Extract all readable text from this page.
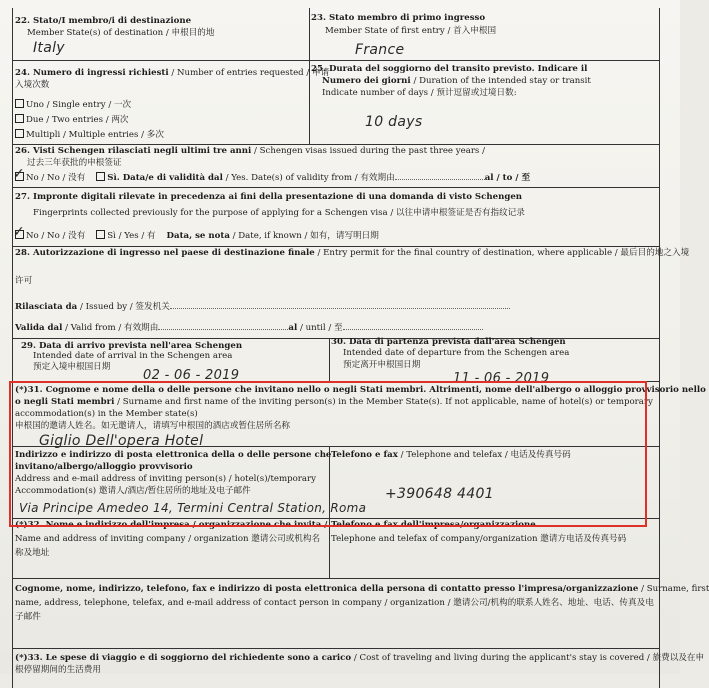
22. Stato/I membro/i di destinazione
Member State(s) of destination / 申根目的地
Italy
23. Stato membro di primo ingresso
Member State of first entry / 首入申根国
France
24. Numero di ingressi richiesti / Number of entries requested / 申请
入境次数
Uno / Single entry / 一次
Due / Two entries / 两次
Multipli / Multiple entries / 多次
25. Durata del soggiorno del transito previsto. Indicare il
Numero dei giorni / Duration of the intended stay or transit
Indicate number of days / 预计逗留或过境日数:
10 days
26. Visti Schengen rilasciati negli ultimi tre anni / Schengen visas issued during the past three years /
过去三年获批的申根签证
No / No / 没有	Sì. Data/e di validità dal / Yes. Date(s) of validity from / 有效期由	al / to / 至
✓
27. Impronte digitali rilevate in precedenza ai fini della presentazione di una domanda di visto Schengen
Fingerprints collected previously for the purpose of applying for a Schengen visa / 以往申请申根签证是否有指纹记录
No / No / 没有	Sì / Yes / 有 Data, se nota / Date, if known / 如有，请写明日期
✓
28. Autorizzazione di ingresso nel paese di destinazione finale / Entry permit for the final country of destination, where applicable / 最后目的地之入境
许可
Rilasciata da / Issued by / 签发机关
Valida dal / Valid from / 有效期由	al / until / 至
29. Data di arrivo prevista nell'area Schengen
Intended date of arrival in the Schengen area
预定入境申根国日期
02 - 06 - 2019
30. Data di partenza prevista dall'area Schengen
Intended date of departure from the Schengen area
预定离开申根国日期
11 - 06 - 2019
(*)31. Cognome e nome della o delle persone che invitano nello o negli Stati membri. Altrimenti, nome dell'albergo o alloggio provvisorio nello
o negli Stati membri / Surname and first name of the inviting person(s) in the Member State(s). If not applicable, name of hotel(s) or temporary
accommodation(s) in the Member state(s)
申根国的邀请人姓名。如无邀请人，请填写申根国的酒店或暂住居所名称
Giglio Dell'opera Hotel
Indirizzo e indirizzo di posta elettronica della o delle persone che
invitano/albergo/alloggio provvisorio
Address and e-mail address of inviting person(s) / hotel(s)/temporary
Accommodation(s) 邀请人/酒店/暂住居所的地址及电子邮件
Via Principe Amedeo 14, Termini Central Station, Roma
Telefono e fax / Telephone and telefax / 电话及传真号码
+390648 4401
(*)32. Nome e indirizzo dell'impresa / organizzazione che invita /
Name and address of inviting company / organization 邀请公司或机构名
称及地址
Telefono e fax dell'impresa/organizzazione
Telephone and telefax of company/organization 邀请方电话及传真号码
Cognome, nome, indirizzo, telefono, fax e indirizzo di posta elettronica della persona di contatto presso l'impresa/organizzazione / Surname, first
name, address, telephone, telefax, and e-mail address of contact person in company / organization / 邀请公司/机构的联系人姓名、地址、电话、传真及电
子邮件
(*)33. Le spese di viaggio e di soggiorno del richiedente sono a carico / Cost of traveling and living during the applicant's stay is covered / 旅费以及在申
根停留期间的生活费用
